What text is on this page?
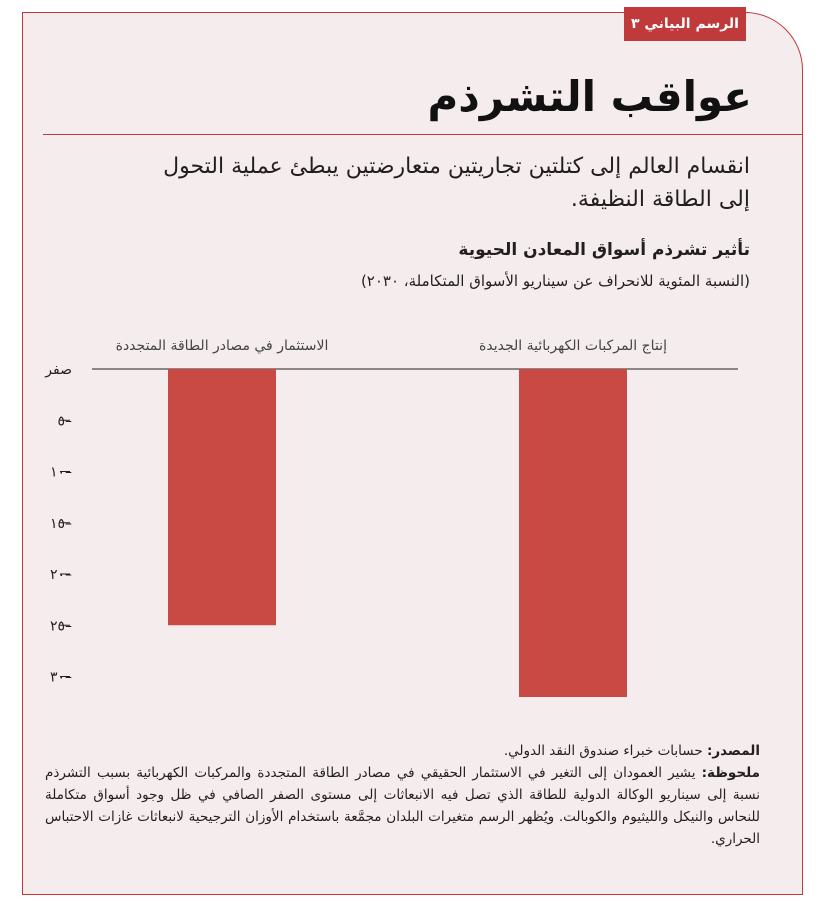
الرسم البياني ٣
عواقب التشرذم
انقسام العالم إلى كتلتين تجاريتين متعارضتين يبطئ عملية التحول إلى الطاقة النظيفة.
تأثير تشرذم أسواق المعادن الحيوية
(النسبة المئوية للانحراف عن سيناريو الأسواق المتكاملة، ٢٠٣٠)
صفر
٥–
١٠–
١٥–
٢٠–
٢٥–
٣٠–
الاستثمار في مصادر الطاقة المتجددة	إنتاج المركبات الكهربائية الجديدة
المصدر: حسابات خبراء صندوق النقد الدولي.
ملحوظة: يشير العمودان إلى التغير في الاستثمار الحقيقي في مصادر الطاقة المتجددة والمركبات الكهربائية بسبب التشرذم نسبة إلى سيناريو الوكالة الدولية للطاقة الذي تصل فيه الانبعاثات إلى مستوى الصفر الصافي في ظل وجود أسواق متكاملة للنحاس والنيكل والليثيوم والكوبالت. ويُظهر الرسم متغيرات البلدان مجمَّعة باستخدام الأوزان الترجيحية لانبعاثات غازات الاحتباس الحراري.
